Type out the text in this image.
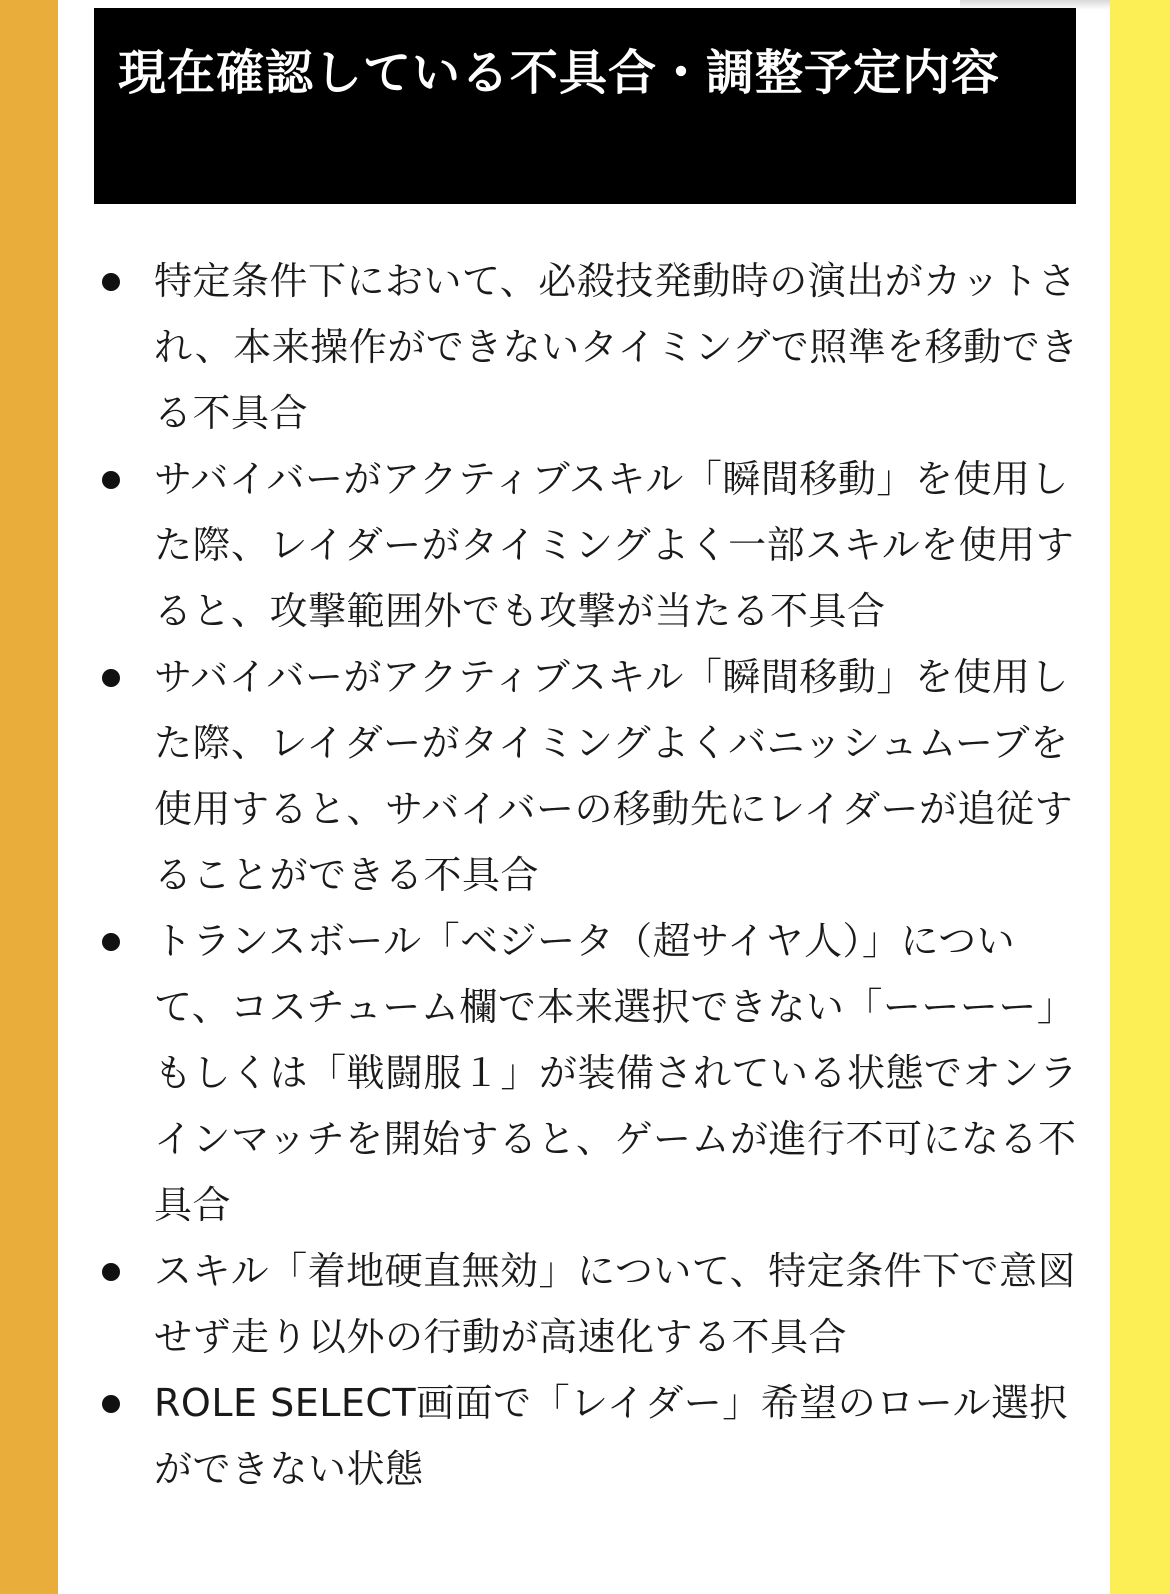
現在確認している不具合・調整予定内容
特定条件下において、必殺技発動時の演出がカットされ、本来操作ができないタイミングで照準を移動できる不具合
サバイバーがアクティブスキル「瞬間移動」を使用した際、レイダーがタイミングよく一部スキルを使用すると、攻撃範囲外でも攻撃が当たる不具合
サバイバーがアクティブスキル「瞬間移動」を使用した際、レイダーがタイミングよくバニッシュムーブを使用すると、サバイバーの移動先にレイダーが追従することができる不具合
トランスボール「ベジータ（超サイヤ人）」について、コスチューム欄で本来選択できない「ーーーー」もしくは「戦闘服１」が装備されている状態でオンラインマッチを開始すると、ゲームが進行不可になる不具合
スキル「着地硬直無効」について、特定条件下で意図せず走り以外の行動が高速化する不具合
ROLE SELECT画面で「レイダー」希望のロール選択ができない状態
